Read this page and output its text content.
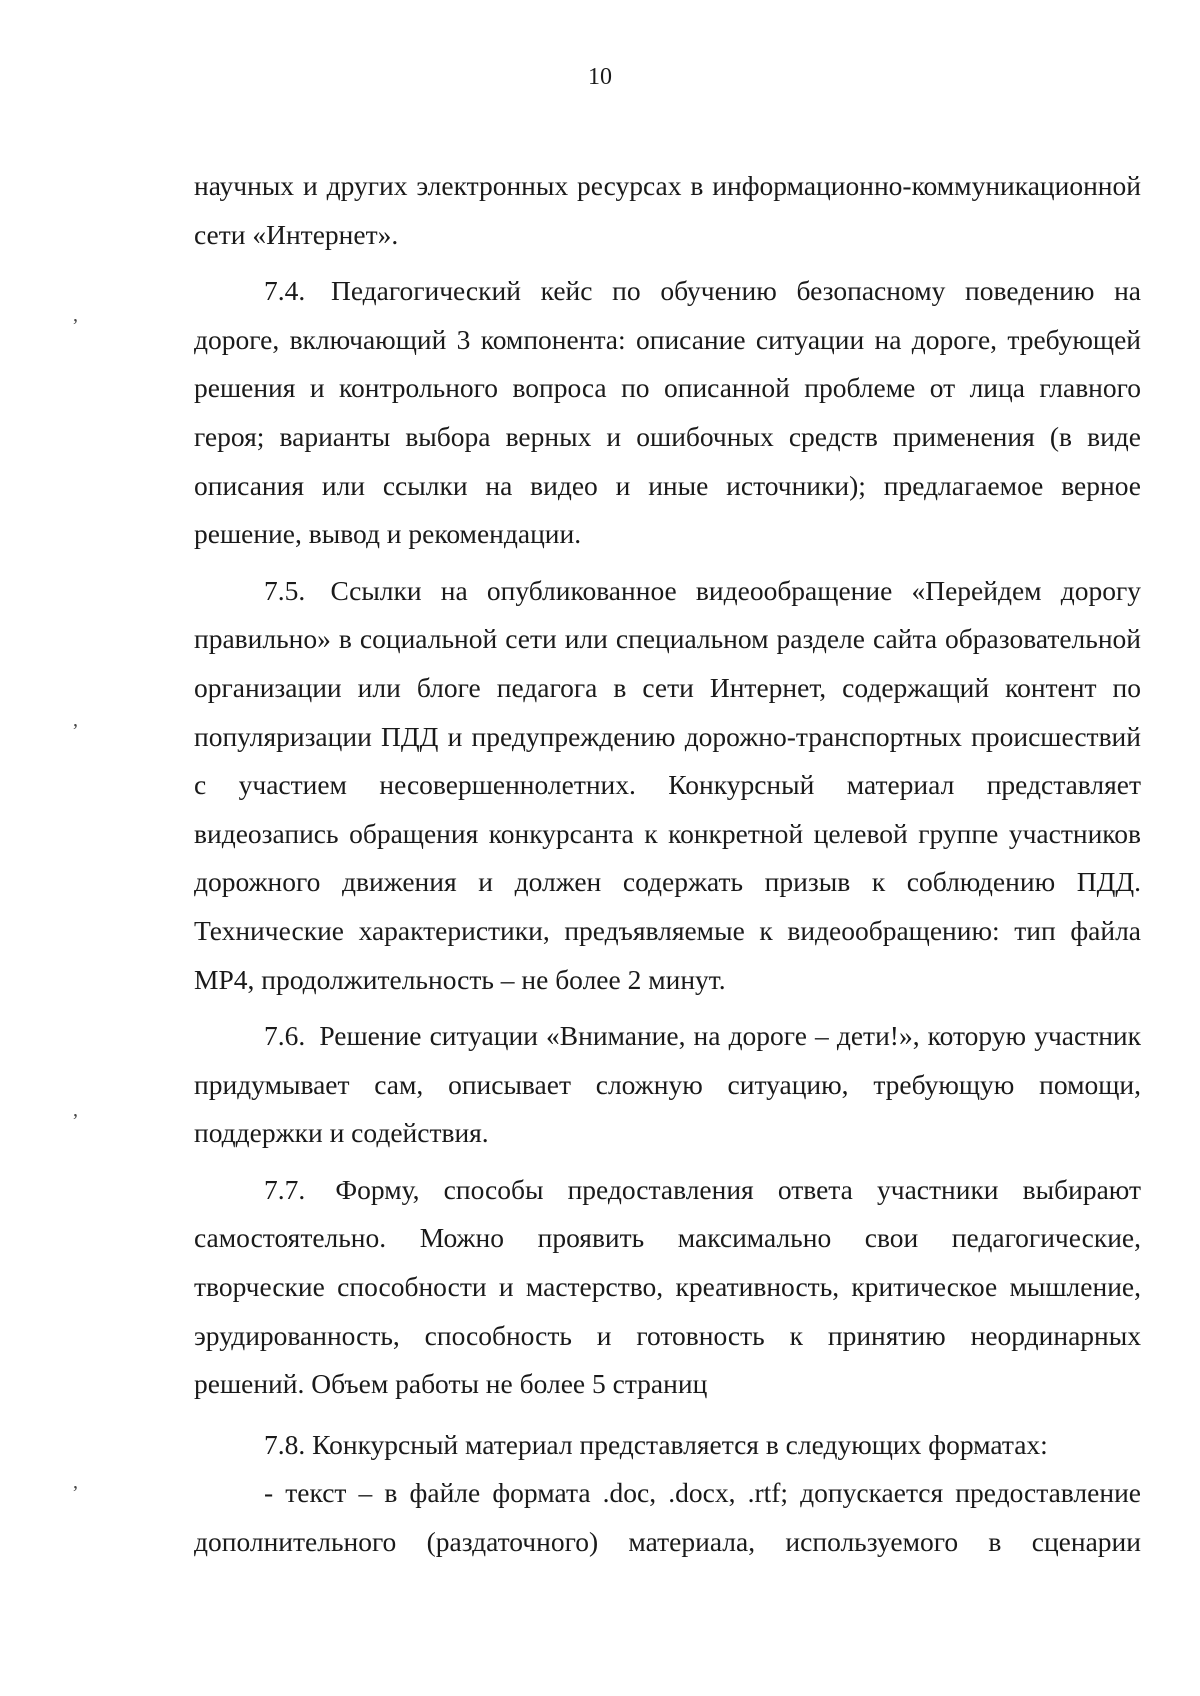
10
‚
‚
‚
‚

научных и других электронных ресурсах в информационно-коммуникационной сети «Интернет».

7.4. Педагогический кейс по обучению безопасному поведению на дороге, включающий 3 компонента: описание ситуации на дороге, требующей решения и контрольного вопроса по описанной проблеме от лица главного героя; варианты выбора верных и ошибочных средств применения (в виде описания или ссылки на видео и иные источники); предлагаемое верное решение, вывод и рекомендации.

7.5. Ссылки на опубликованное видеообращение «Перейдем дорогу правильно» в социальной сети или специальном разделе сайта образовательной организации или блоге педагога в сети Интернет, содержащий контент по популяризации ПДД и предупреждению дорожно-транспортных происшествий с участием несовершеннолетних. Конкурсный материал представляет видеозапись обращения конкурсанта к конкретной целевой группе участников дорожного движения и должен содержать призыв к соблюдению ПДД. Технические характеристики, предъявляемые к видеообращению: тип файла MP4, продолжительность – не более 2 минут.

7.6. Решение ситуации «Внимание, на дороге – дети!», которую участник придумывает сам, описывает сложную ситуацию, требующую помощи, поддержки и содействия.

7.7. Форму, способы предоставления ответа участники выбирают самостоятельно. Можно проявить максимально свои педагогические, творческие способности и мастерство, креативность, критическое мышление, эрудированность, способность и готовность к принятию неординарных решений. Объем работы не более 5 страниц

7.8. Конкурсный материал представляется в следующих форматах:

- текст – в файле формата .doc, .docx, .rtf; допускается предоставление дополнительного (раздаточного) материала, используемого в сценарии
